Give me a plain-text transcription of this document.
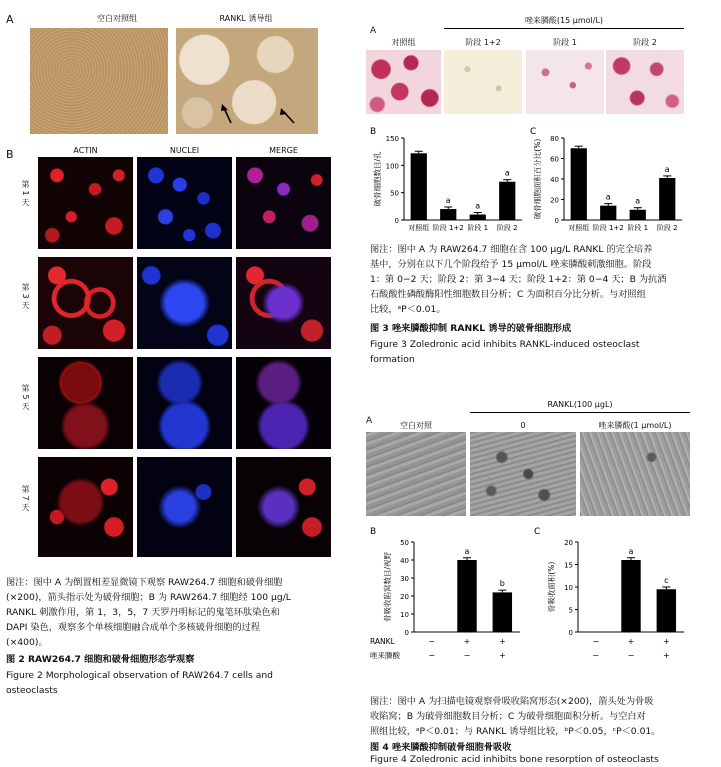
A	空白对照组	RANKL 诱导组
B	ACTIN	NUCLEI	MERGE
第 1 天
第 3 天
第 5 天
第 7 天
图注：图中 A 为倒置相差显微镜下观察 RAW264.7 细胞和破骨细胞
(×200)，箭头指示处为破骨细胞；B 为 RAW264.7 细胞经 100 μg/L
RANKL 刺激作用，第 1，3，5，7 天罗丹明标记的鬼笔环肽染色和
DAPI 染色，观察多个单核细胞融合成单个多核破骨细胞的过程
(×400)。
图 2 RAW264.7 细胞和破骨细胞形态学观察
Figure 2 Morphological observation of RAW264.7 cells and
osteoclasts
A
唑来膦酸(15 μmol/L)
对照组	阶段 1+2	阶段 1	阶段 2
B
0
50
100
150
破骨细胞数目/孔
对照组
a
阶段 1+2
a
阶段 1
a
阶段 2
C
0
20
40
60
80
破骨细胞面积百分比(%)
对照组
a
阶段 1+2
a
阶段 1
a
阶段 2
图注：图中 A 为 RAW264.7 细胞在含 100 μg/L RANKL 的完全培养
基中，分别在以下几个阶段给予 15 μmol/L 唑来膦酸刺激细胞。阶段
1：第 0−2 天；阶段 2：第 3−4 天；阶段 1+2：第 0−4 天；B 为抗酒
石酸酸性磷酸酶阳性细胞数目分析；C 为面积百分比分析。与对照组
比较，ᵃP＜0.01。
图 3 唑来膦酸抑制 RANKL 诱导的破骨细胞形成
Figure 3 Zoledronic acid inhibits RANKL-induced osteoclast
formation
A
RANKL(100 μgL)
空白对照	0	唑来膦酸(1 μmol/L)
B
0
10
20
30
40
50
骨吸收陷窝数目/视野
a
b
RANKL
唑来膦酸
−
−
+
−
+
+
C
0
5
10
15
20
骨吸收面积(%)
a
c
−
−
+
−
+
+
图注：图中 A 为扫描电镜观察骨吸收陷窝形态(×200)，箭头处为骨吸
收陷窝；B 为破骨细胞数目分析；C 为破骨细胞面积分析。与空白对
照组比较，ᵃP＜0.01；与 RANKL 诱导组比较，ᵇP＜0.05，ᶜP＜0.01。
图 4 唑来膦酸抑制破骨细胞骨吸收
Figure 4 Zoledronic acid inhibits bone resorption of osteoclasts
